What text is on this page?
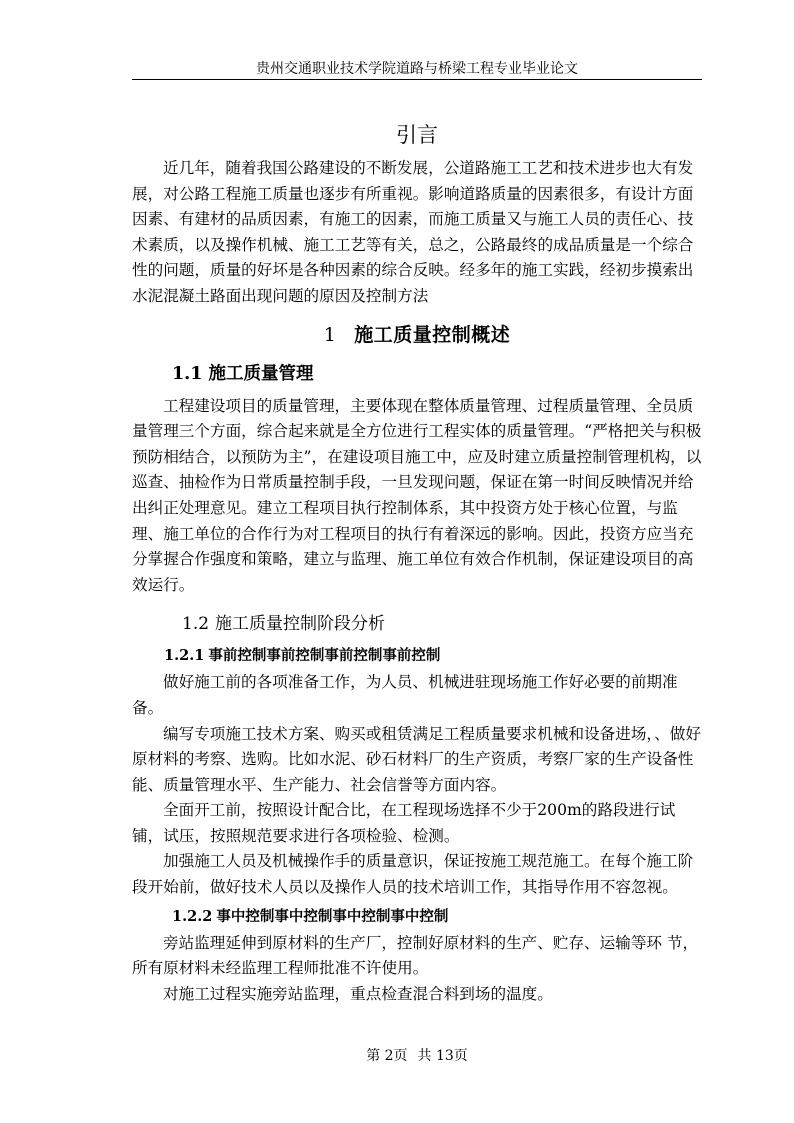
贵州交通职业技术学院道路与桥梁工程专业毕业论文
引言

近几年，随着我国公路建设的不断发展，公道路施工工艺和技术进步也大有发展，对公路工程施工质量也逐步有所重视。影响道路质量的因素很多，有设计方面因素、有建材的品质因素，有施工的因素，而施工质量又与施工人员的责任心、技术素质，以及操作机械、施工工艺等有关，总之，公路最终的成品质量是一个综合性的问题，质量的好坏是各种因素的综合反映。经多年的施工实践，经初步摸索出水泥混凝土路面出现问题的原因及控制方法

1 施工质量控制概述
1.1 施工质量管理

工程建设项目的质量管理，主要体现在整体质量管理、过程质量管理、全员质量管理三个方面，综合起来就是全方位进行工程实体的质量管理。“严格把关与积极预防相结合，以预防为主”，在建设项目施工中，应及时建立质量控制管理机构，以巡查、抽检作为日常质量控制手段，一旦发现问题，保证在第一时间反映情况并给出纠正处理意见。建立工程项目执行控制体系，其中投资方处于核心位置，与监理、施工单位的合作行为对工程项目的执行有着深远的影响。因此，投资方应当充分掌握合作强度和策略，建立与监理、施工单位有效合作机制，保证建设项目的高效运行。

1.2 施工质量控制阶段分析
1.2.1 事前控制事前控制事前控制事前控制

做好施工前的各项准备工作，为人员、机械进驻现场施工作好必要的前期准备。

编写专项施工技术方案、购买或租赁满足工程质量要求机械和设备进场，、做好原材料的考察、选购。比如水泥、砂石材料厂的生产资质，考察厂家的生产设备性能、质量管理水平、生产能力、社会信誉等方面内容。

全面开工前，按照设计配合比，在工程现场选择不少于200m的路段进行试铺，试压，按照规范要求进行各项检验、检测。

加强施工人员及机械操作手的质量意识，保证按施工规范施工。在每个施工阶段开始前，做好技术人员以及操作人员的技术培训工作，其指导作用不容忽视。

1.2.2 事中控制事中控制事中控制事中控制

旁站监理延伸到原材料的生产厂，控制好原材料的生产、贮存、运输等环 节，所有原材料未经监理工程师批准不许使用。

对施工过程实施旁站监理，重点检查混合料到场的温度。

第 2页 共 13页
